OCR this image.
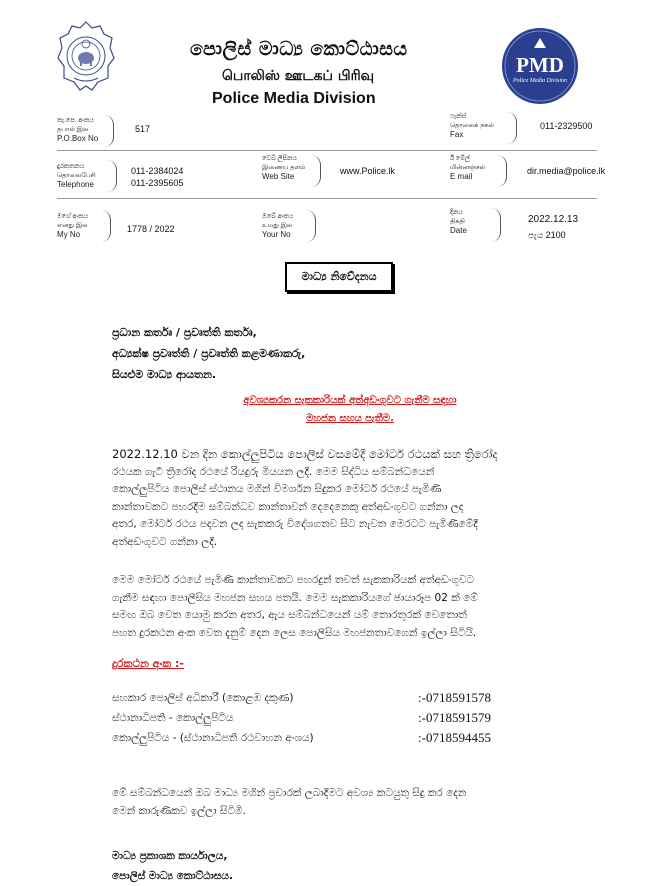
පොලිස් මාධ්‍ය කොට්ඨාසය
பொலிஸ் ஊடகப் பிரிவு
Police Media Division
PMD
Police Media Division
තැ.පෙ. අංකය
தபால் இல
P.O.Box No
517
ෆැක්ස්
தொலைக் நகல்
Fax
011-2329500
දුරකතනය
தொலைபேசி
Telephone
011-2384024
011-2395605
වෙබ් ලිපිනය
இணைய தளம்
Web Site
www.Police.lk
ඊ මේල්
மின்னஞ்சல்
E mail
dir.media@police.lk
මගේ අංකය
எனது இல
My No
1778 / 2022
ඔබේ අංකය
உமது இல
Your No
දිනය
திகதி
Date
2022.12.13
පැය 2100
මාධ්‍ය නිවේදනය
ප්‍රධාන කර්තෘ / ප්‍රවෘත්ති කර්තෘ,
අධ්‍යක්ෂ ප්‍රවෘත්ති / ප්‍රවෘත්ති කළමණාකරු,
සියළුම මාධ්‍ය ආයතන.
අවශ්‍යකරන සැකකාරියක් අත්අඩංගුවට ගැනීම සඳහා
මහජන සහය පැතීම.
2022.12.10 වන දින කොල්ලුපිටිය පොලිස් වසමේදී මෝටර් රථයක් සහ ත්‍රිරෝද
රථයක ගැටී ත්‍රිරෝද රථයේ රියදුරු මියයන ලදී. මෙම සිද්ධිය සම්බන්ධයෙන්
කොල්ලුපිටිය පොලිස් ස්ථානය මගින් විමර්ශන සිදුකර මෝටර් රථයේ පැමිණි
කාන්තාවකට පහරදීම සම්බන්ධව කාන්තාවන් දෙදෙනෙකු අත්අඩංගුවට ගන්නා ලද
අතර, මෝටර් රථය පදවන ලද සැකකරු විදේශගතව සිට නැවත මෙරටට පැමිණීමේදී
අත්අඩංගුවට ගන්නා ලදී.
මෙම මෝටර් රථයේ පැමිණි කාන්තාවකට පහරදුන් තවත් සැකකාරියක් අත්අඩංගුවට
ගැනීම සඳහා පොලීසිය මහජන සහය පතයි. මෙම සැකකාරියගේ ඡායාරූප 02 ක් මේ
සමඟ ඔබ වෙත යොමු කරන අතර, ඇය සම්බන්ධයෙන් යම් තොරතුරක් වෙතොත්
පහත දුරකථන අංක වෙත දැනුම් දෙන ලෙස පොලිසිය මහජනතාවගෙන් ඉල්ලා සිටියි.
දුරකථන අංක :-
සහකාර පොලිස් අධිකාරී (කොළඹ දකුණ)	:-0718591578
ස්ථානාධිපති - කොල්ලුපිටිය	:-0718591579
කොල්ලුපිටිය - (ස්ථානාධිපති රථවාහන අංශය)	:-0718594455
මේ සම්බන්ධයෙන් ඔබ මාධ්‍ය මගින් ප්‍රචාරක් ලබාදීමට අවශ්‍ය කටයුතු සිදු කර දෙන
මෙන් කාරුණිකව ඉල්ලා සිටිමි.
මාධ්‍ය ප්‍රකාශක කාර්යාලය,
පොලිස් මාධ්‍ය කොට්ඨාසය.
